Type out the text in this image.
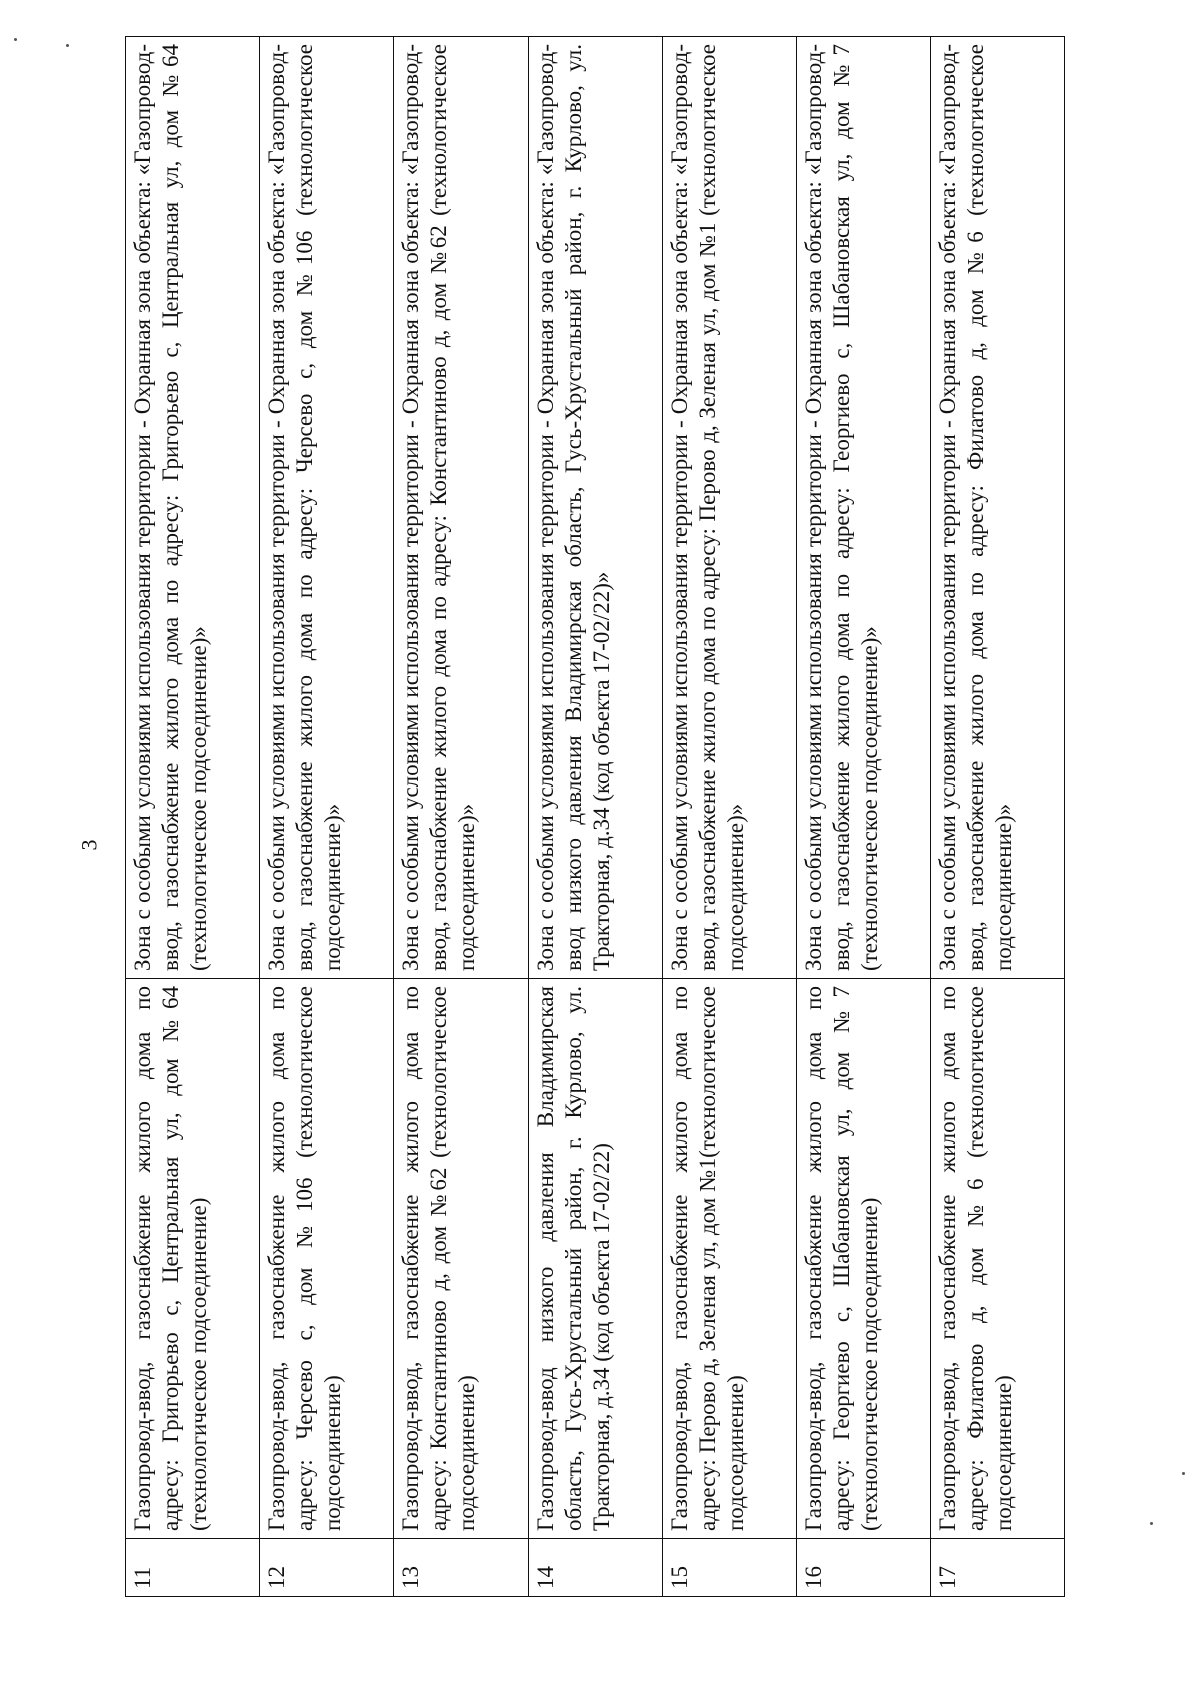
3
11	Газопровод-ввод, газоснабжение жилого дома по адресу: Григорьево с, Центральная ул, дом №64 (технологическое подсоединение)	Зона с особыми условиями использования территории - Охранная зона объекта: «Газопровод-ввод, газоснабжение жилого дома по адресу: Григорьево с, Центральная ул, дом №64 (технологическое подсоединение)»
12	Газопровод-ввод, газоснабжение жилого дома по адресу: Черсево с, дом №106 (технологическое подсоединение)	Зона с особыми условиями использования территории - Охранная зона объекта: «Газопровод-ввод, газоснабжение жилого дома по адресу: Черсево с, дом №106 (технологическое подсоединение)»
13	Газопровод-ввод, газоснабжение жилого дома по адресу: Константиново д, дом №62 (технологическое подсоединение)	Зона с особыми условиями использования территории - Охранная зона объекта: «Газопровод-ввод, газоснабжение жилого дома по адресу: Константиново д, дом №62 (технологическое подсоединение)»
14	Газопровод-ввод низкого давления Владимирская область, Гусь-Хрустальный район, г. Курлово, ул. Тракторная, д.34 (код объекта 17-02/22)	Зона с особыми условиями использования территории - Охранная зона объекта: «Газопровод-ввод низкого давления Владимирская область, Гусь-Хрустальный район, г. Курлово, ул. Тракторная, д.34 (код объекта 17-02/22)»
15	Газопровод-ввод, газоснабжение жилого дома по адресу: Перово д, Зеленая ул, дом №1(технологическое подсоединение)	Зона с особыми условиями использования территории - Охранная зона объекта: «Газопровод-ввод, газоснабжение жилого дома по адресу: Перово д, Зеленая ул, дом №1 (технологическое подсоединение)»
16	Газопровод-ввод, газоснабжение жилого дома по адресу: Георгиево с, Шабановская ул, дом №7 (технологическое подсоединение)	Зона с особыми условиями использования территории - Охранная зона объекта: «Газопровод-ввод, газоснабжение жилого дома по адресу: Георгиево с, Шабановская ул, дом №7 (технологическое подсоединение)»
17	Газопровод-ввод, газоснабжение жилого дома по адресу: Филатово д, дом №6 (технологическое подсоединение)	Зона с особыми условиями использования территории - Охранная зона объекта: «Газопровод-ввод, газоснабжение жилого дома по адресу: Филатово д, дом №6 (технологическое подсоединение)»
